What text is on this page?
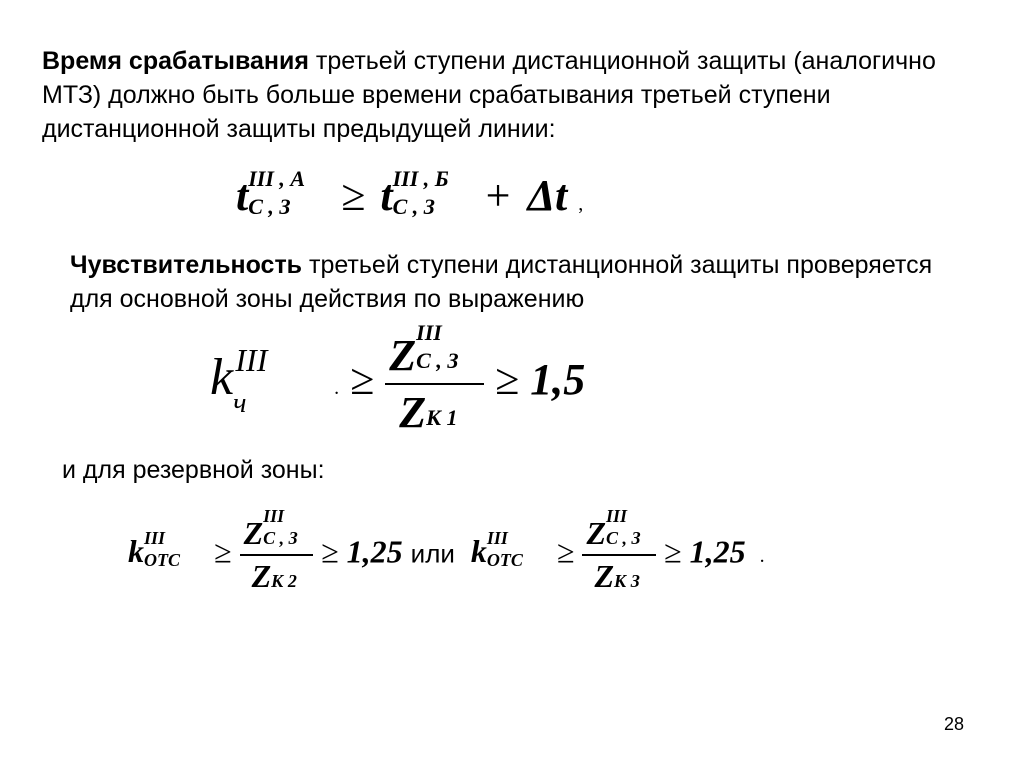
Время срабатывания третьей ступени дистанционной защиты (аналогично МТЗ) должно быть больше времени срабатывания третьей ступени дистанционной защиты предыдущей линии:

t III , А
С , З ≥ t III , Б
С , З + Δt ,

Чувствительность третьей ступени дистанционной защиты проверяется для основной зоны действия по выражению

k III
ч	. ≥ Z III
С , З
Z К 1 ≥ 1,5

и для резервной зоны:

k III
ОТС ≥ Z III
С , З
Z К 2 ≥ 1,25 или k III
ОТС ≥ Z III
С , З
Z К З ≥ 1,25 .
28
